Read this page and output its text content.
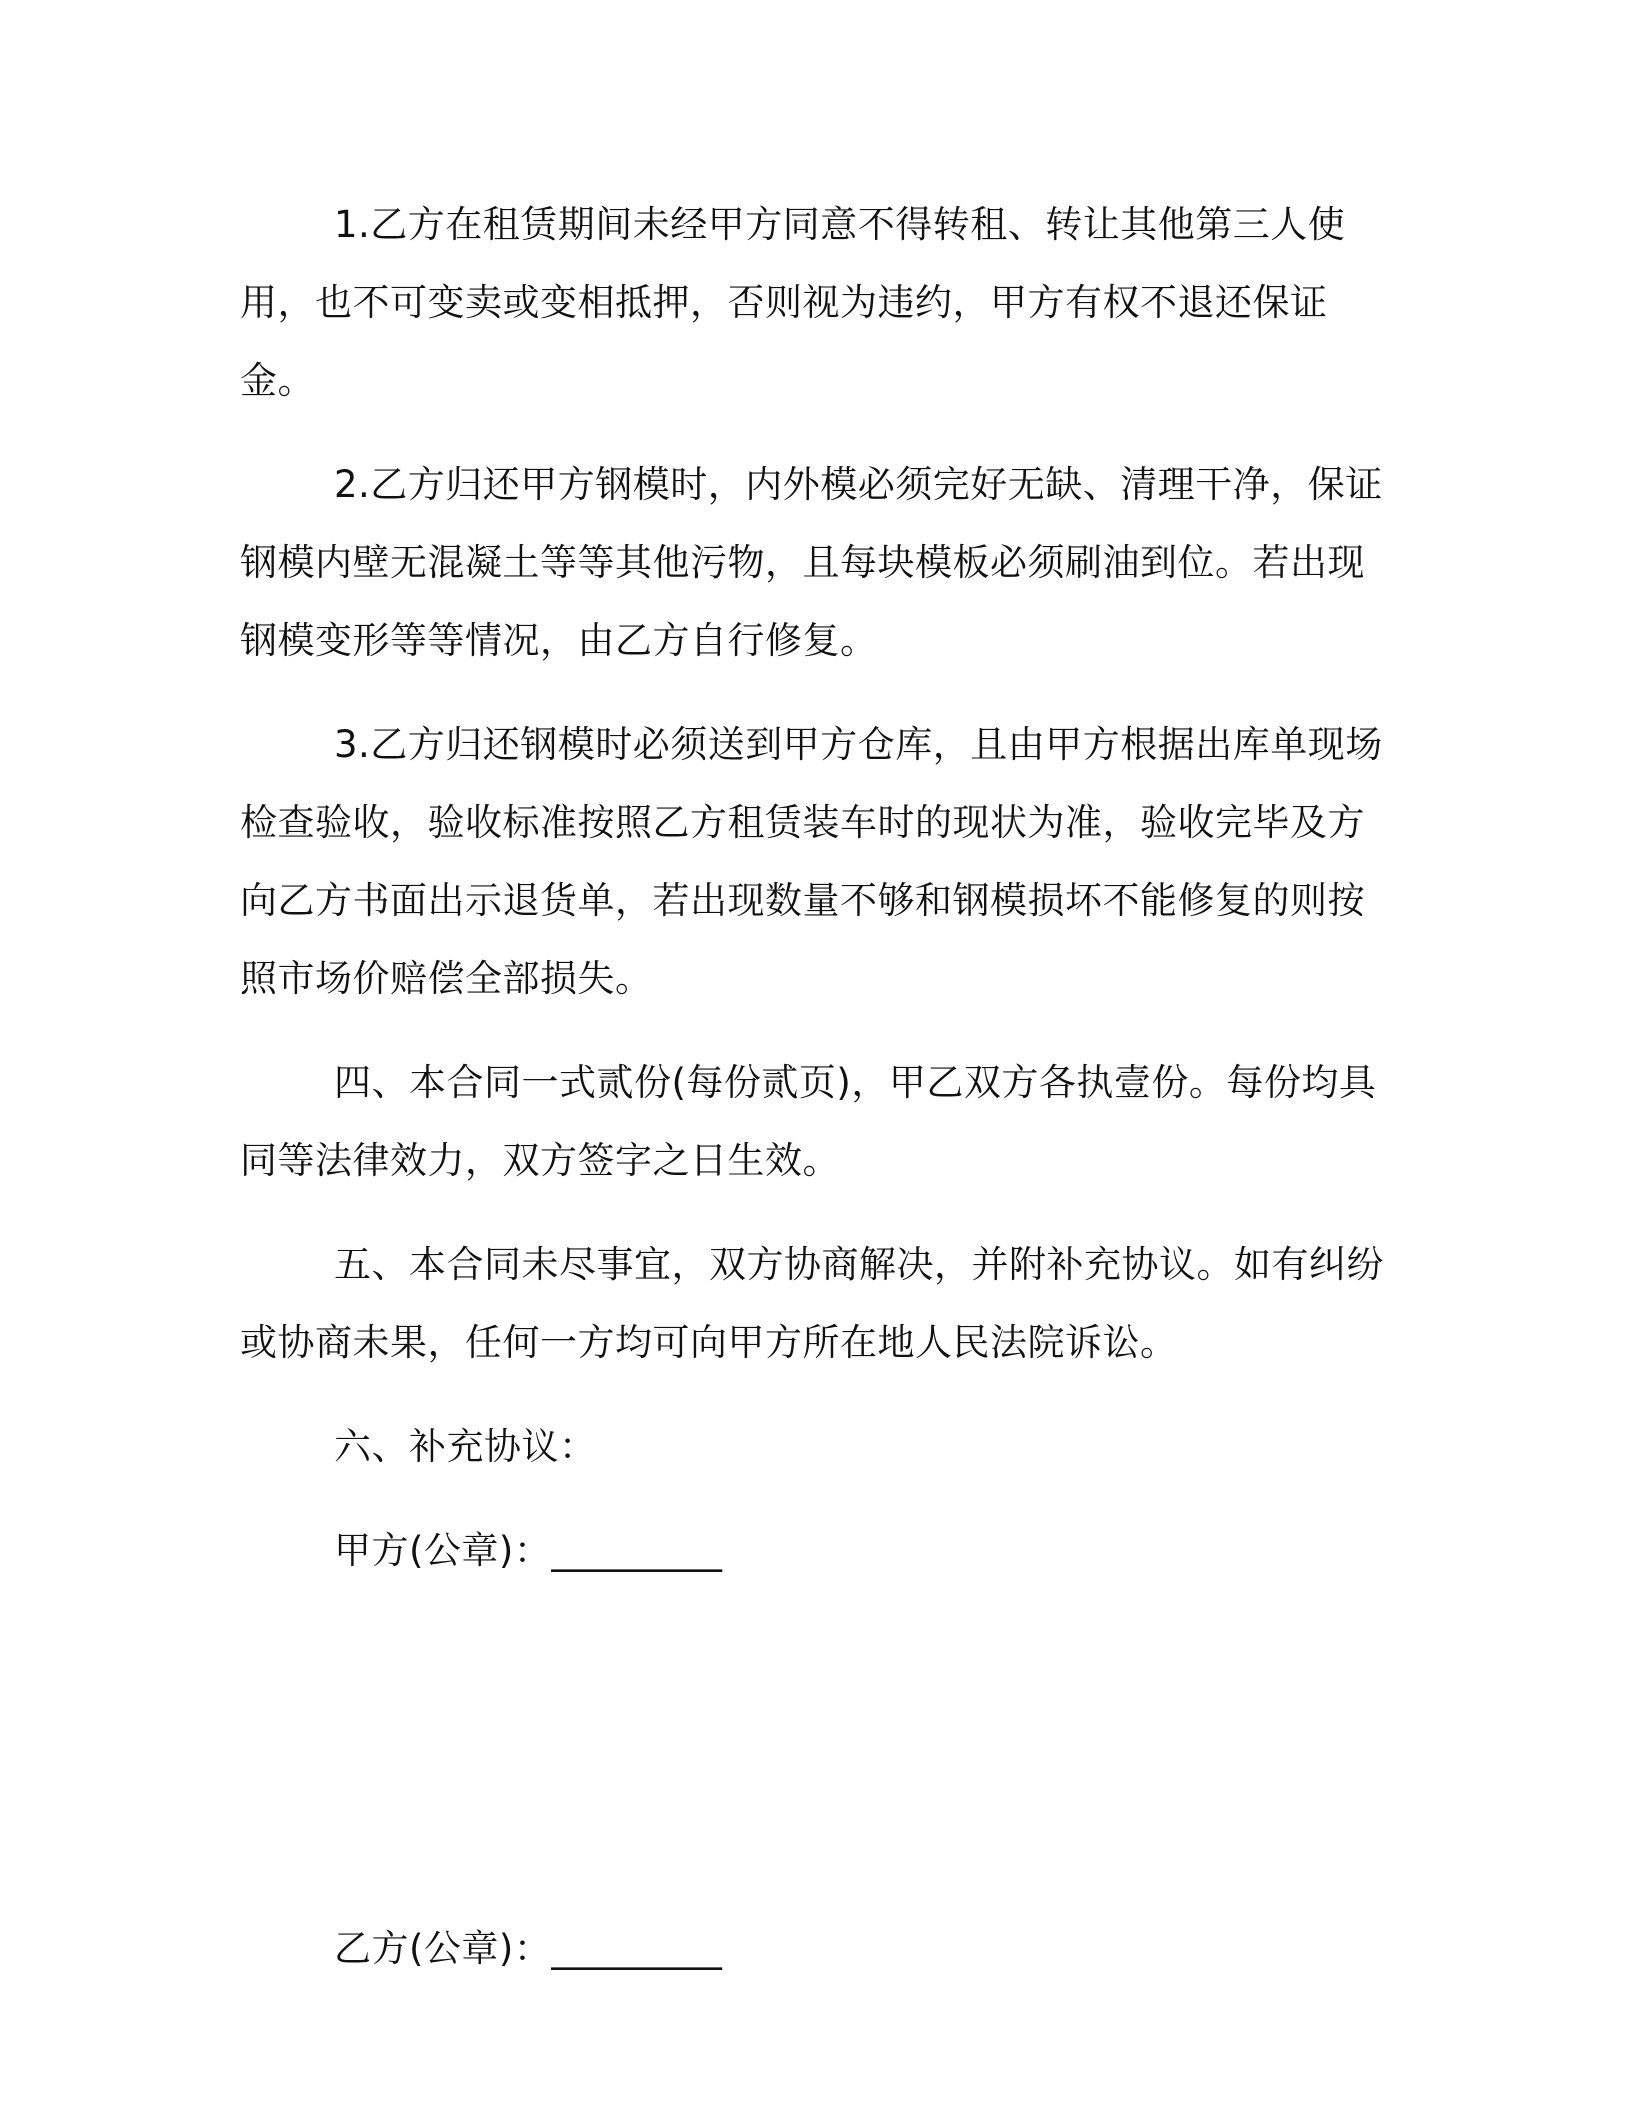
1.乙方在租赁期间未经甲方同意不得转租、转让其他第三人使用，也不可变卖或变相抵押，否则视为违约，甲方有权不退还保证金。

2.乙方归还甲方钢模时，内外模必须完好无缺、清理干净，保证钢模内壁无混凝土等等其他污物，且每块模板必须刷油到位。若出现钢模变形等等情况，由乙方自行修复。

3.乙方归还钢模时必须送到甲方仓库，且由甲方根据出库单现场检查验收，验收标准按照乙方租赁装车时的现状为准，验收完毕及方向乙方书面出示退货单，若出现数量不够和钢模损坏不能修复的则按照市场价赔偿全部损失。

四、本合同一式贰份(每份贰页)，甲乙双方各执壹份。每份均具同等法律效力，双方签字之日生效。

五、本合同未尽事宜，双方协商解决，并附补充协议。如有纠纷或协商未果，任何一方均可向甲方所在地人民法院诉讼。

六、补充协议：

甲方(公章)：_________
乙方(公章)：_________
